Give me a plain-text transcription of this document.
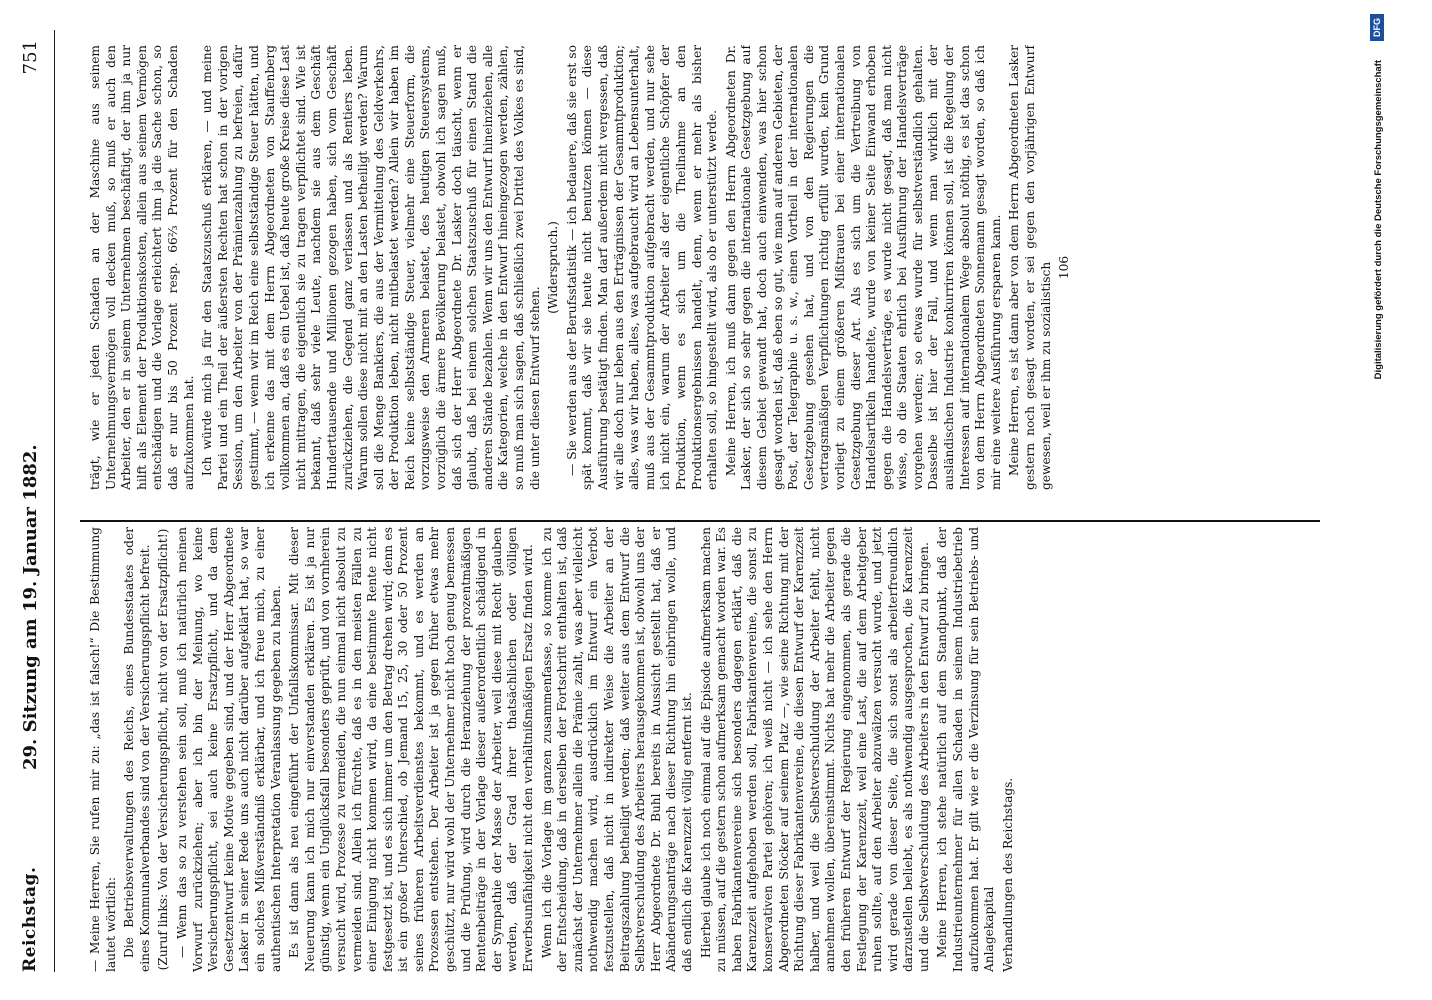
Reichstag.
29. Sitzung am 19. Januar 1882.
751

— Meine Herren, Sie rufen mir zu: „das ist falsch!“ Die Bestimmung lautet wörtlich: Die Betriebsverwaltungen des Reichs, eines Bundesstaates oder eines Kommunalverbandes sind von der Versicherungspflicht befreit. (Zuruf links: Von der Versicherungspflicht, nicht von der Ersatzpflicht!) — Wenn das so zu verstehen sein soll, muß ich natürlich meinen Vorwurf zurückziehen; aber ich bin der Meinung, wo keine Versicherungspflicht, sei auch keine Ersatzpflicht, und da dem Gesetzentwurf keine Motive gegeben sind, und der Herr Abgeordnete Lasker in seiner Rede uns auch nicht darüber aufgeklärt hat, so war ein solches Mißverständniß erklärbar, und ich freue mich, zu einer authentischen Interpretation Veranlassung gegeben zu haben. Es ist dann als neu eingeführt der Unfallskommissar. Mit dieser Neuerung kann ich mich nur einverstanden erklären. Es ist ja nur günstig, wenn ein Unglücksfall besonders geprüft, und von vornherein versucht wird, Prozesse zu vermeiden, die nun einmal nicht absolut zu vermeiden sind. Allein ich fürchte, daß es in den meisten Fällen zu einer Einigung nicht kommen wird, da eine bestimmte Rente nicht festgesetzt ist, und es sich immer um den Betrag drehen wird; denn es ist ein großer Unterschied, ob Jemand 15, 25, 30 oder 50 Prozent seines früheren Arbeitsverdienstes bekommt, und es werden an Prozessen entstehen. Der Arbeiter ist ja gegen früher etwas mehr geschützt, nur wird wohl der Unternehmer nicht hoch genug bemessen und die Prüfung, wird durch die Heranziehung der prozentmäßigen Rentenbeiträge in der Vorlage dieser außerordentlich schädigend in der Sympathie der Masse der Arbeiter, weil diese mit Recht glauben werden, daß der Grad ihrer thatsächlichen oder völligen Erwerbsunfähigkeit nicht den verhältnißmäßigen Ersatz finden wird. Wenn ich die Vorlage im ganzen zusammenfasse, so komme ich zu der Entscheidung, daß in derselben der Fortschritt enthalten ist, daß zunächst der Unternehmer allein die Prämie zahlt, was aber vielleicht nothwendig machen wird, ausdrücklich im Entwurf ein Verbot festzustellen, daß nicht in indirekter Weise die Arbeiter an der Beitragszahlung betheiligt werden; daß weiter aus dem Entwurf die Selbstverschuldung des Arbeiters herausgekommen ist, obwohl uns der Herr Abgeordnete Dr. Buhl bereits in Aussicht gestellt hat, daß er Abänderungsanträge nach dieser Richtung hin einbringen wolle, und daß endlich die Karenzzeit völlig entfernt ist. Hierbei glaube ich noch einmal auf die Episode aufmerksam machen zu müssen, auf die gestern schon aufmerksam gemacht worden war. Es haben Fabrikantenvereine sich besonders dagegen erklärt, daß die Karenzzeit aufgehoben werden soll, Fabrikantenvereine, die sonst zu konservativen Partei gehören; ich weiß nicht — ich sehe den Herrn Abgeordneten Stöcker auf seinem Platz —, wie seine Richtung mit der Richtung dieser Fabrikantenvereine, die diesen Entwurf der Karenzzeit halber, und weil die Selbstverschuldung der Arbeiter fehlt, nicht annehmen wollen, übereinstimmt. Nichts hat mehr die Arbeiter gegen den früheren Entwurf der Regierung eingenommen, als gerade die Festlegung der Karenzzeit, weil eine Last, die auf dem Arbeitgeber ruhen sollte, auf den Arbeiter abzuwälzen versucht wurde, und jetzt wird gerade von dieser Seite, die sich sonst als arbeiterfreundlich darzustellen beliebt, es als nothwendig ausgesprochen, die Karenzzeit und die Selbstverschuldung des Arbeiters in den Entwurf zu bringen. Meine Herren, ich stehe natürlich auf dem Standpunkt, daß der Industrieunternehmer für allen Schaden in seinem Industriebetrieb aufzukommen hat. Er gilt wie er die Verzinsung für sein Betriebs- und Anlagekapital Verhandlungen des Reichstags.

trägt, wie er jeden Schaden an der Maschine aus seinem Unternehmungsvermögen voll decken muß, so muß er auch den Arbeiter, den er in seinem Unternehmen beschäftigt, der ihm ja nur hilft als Element der Produktionskosten, allein aus seinem Vermögen entschädigen und die Vorlage erleichtert ihm ja die Sache schon, so daß er nur bis 50 Prozent resp. 66⅔ Prozent für den Schaden aufzukommen hat. Ich würde mich ja für den Staatszuschuß erklären, — und meine Partei und ein Theil der äußersten Rechten hat schon in der vorigen Session, um den Arbeiter von der Prämienzahlung zu befreien, dafür gestimmt, — wenn wir im Reich eine selbstständige Steuer hätten, und ich erkenne das mit dem Herrn Abgeordneten von Stauffenberg vollkommen an, daß es ein Uebel ist, daß heute große Kreise diese Last nicht mittragen, die eigentlich sie zu tragen verpflichtet sind. Wie ist bekannt, daß sehr viele Leute, nachdem sie aus dem Geschäft Hunderttausende und Millionen gezogen haben, sich vom Geschäft zurückziehen, die Gegend ganz verlassen und als Rentiers leben. Warum sollen diese nicht mit an den Lasten betheiligt werden? Warum soll die Menge Bankiers, die aus der Vermittelung des Geldverkehrs, der Produktion leben, nicht mitbelastet werden? Allein wir haben im Reich keine selbstständige Steuer, vielmehr eine Steuerform, die vorzugsweise den Armeren belastet, des heutigen Steuersystems, vorzüglich die ärmere Bevölkerung belastet, obwohl ich sagen muß, daß sich der Herr Abgeordnete Dr. Lasker doch täuscht, wenn er glaubt, daß bei einem solchen Staatszuschuß für einen Stand die anderen Stände bezahlen. Wenn wir uns den Entwurf hineinziehen, alle die Kategorien, welche in den Entwurf hineingezogen werden, zählen, so muß man sich sagen, daß schließlich zwei Drittel des Volkes es sind, die unter diesen Entwurf stehen.

(Widerspruch.) — Sie werden aus der Berufsstatistik — ich bedauere, daß sie erst so spät kommt, daß wir sie heute nicht benutzen können — diese Ausführung bestätigt finden. Man darf außerdem nicht vergessen, daß wir alle doch nur leben aus den Erträgnissen der Gesammtproduktion; alles, was wir haben, alles, was aufgebraucht wird an Lebensunterhalt, muß aus der Gesammtproduktion aufgebracht werden, und nur sehe ich nicht ein, warum der Arbeiter als der eigentliche Schöpfer der Produktion, wenn es sich um die Theilnahme an den Produktionsergebnissen handelt, denn, wenn er mehr als bisher erhalten soll, so hingestellt wird, als ob er unterstützt werde. Meine Herren, ich muß dann gegen den Herrn Abgeordneten Dr. Lasker, der sich so sehr gegen die internationale Gesetzgebung auf diesem Gebiet gewandt hat, doch auch einwenden, was hier schon gesagt worden ist, daß eben so gut, wie man auf anderen Gebieten, der Post, der Telegraphie u. s. w., einen Vortheil in der internationalen Gesetzgebung gesehen hat, und von den Regierungen die vertragsmäßigen Verpflichtungen richtig erfüllt wurden, kein Grund vorliegt zu einem größeren Mißtrauen bei einer internationalen Gesetzgebung dieser Art. Als es sich um die Vertreibung von Handelsartikeln handelte, wurde von keiner Seite Einwand erhoben gegen die Handelsverträge, es wurde nicht gesagt, daß man nicht wisse, ob die Staaten ehrlich bei Ausführung der Handelsverträge vorgehen werden; so etwas wurde für selbstverständlich gehalten. Dasselbe ist hier der Fall, und wenn man wirklich mit der ausländischen Industrie konkurriren können soll, ist die Regelung der Interessen auf internationalem Wege absolut nöthig, es ist das schon von dem Herrn Abgeordneten Sonnemann gesagt worden, so daß ich mir eine weitere Ausführung ersparen kann. Meine Herren, es ist dann aber von dem Herrn Abgeordneten Lasker gestern noch gesagt worden, er sei gegen den vorjährigen Entwurf gewesen, weil er ihm zu sozialistisch 106	Digitalisierung gefördert durch die Deutsche Forschungsgemeinschaft
DFG
